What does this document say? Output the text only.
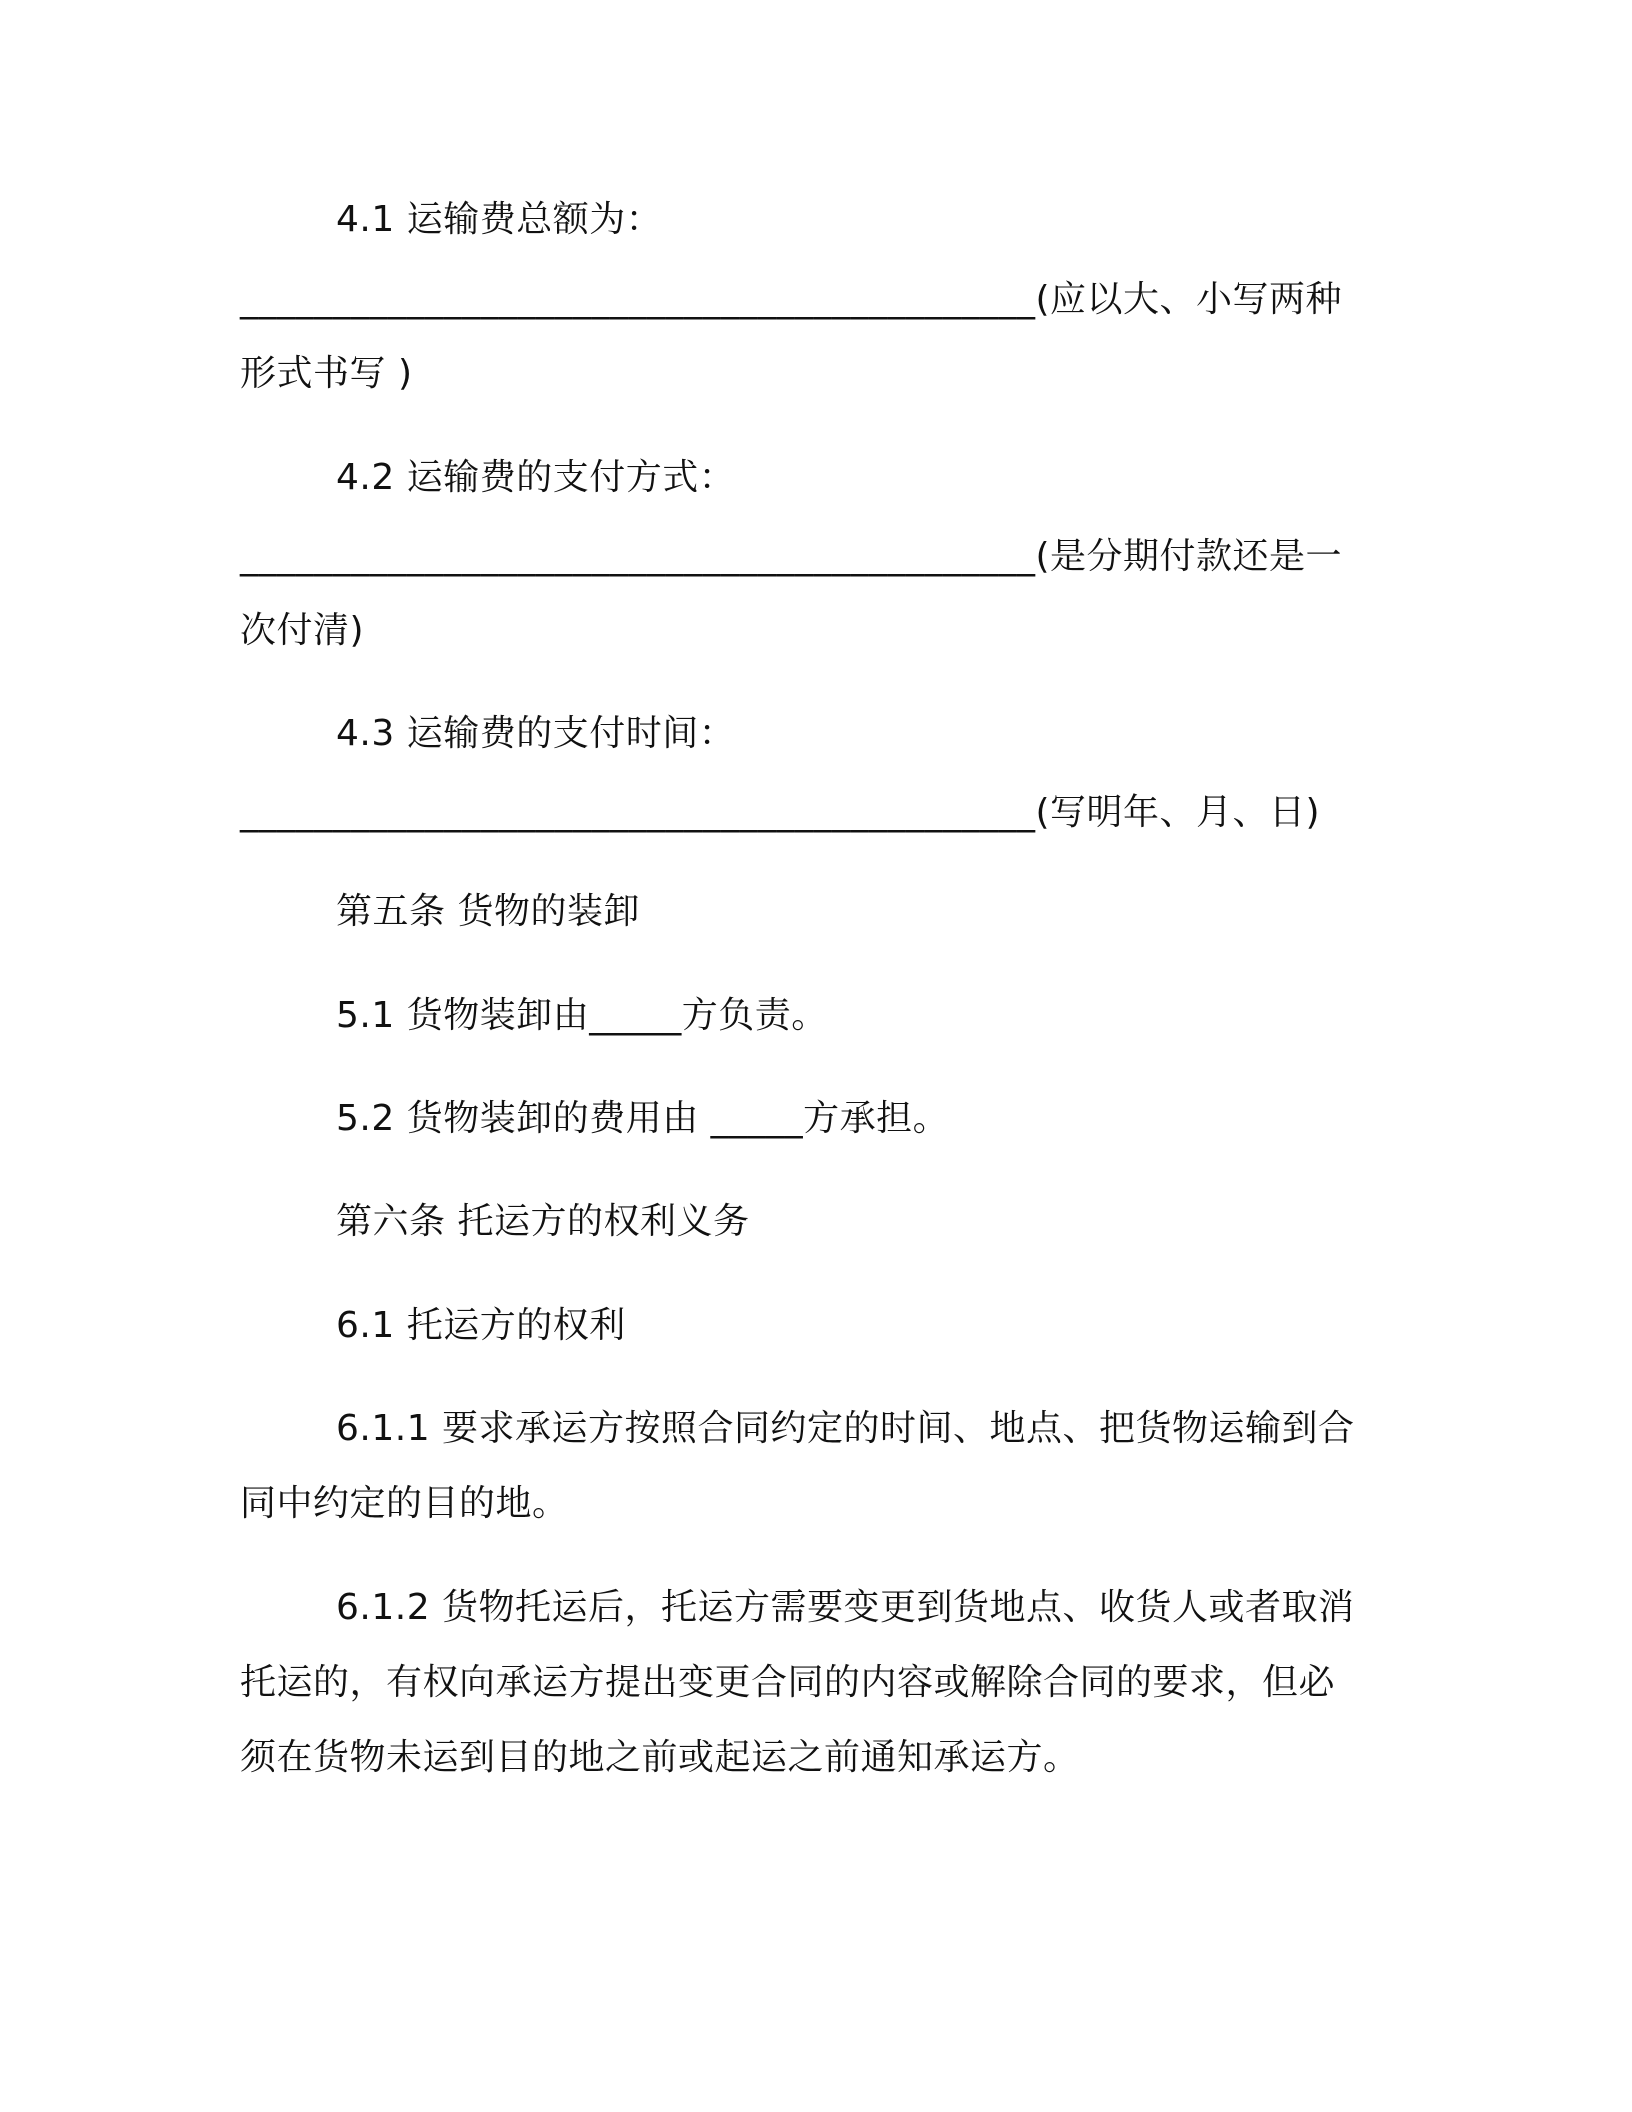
4.1 运输费总额为：
___________________________________________(应以大、小写两种
形式书写 )
4.2 运输费的支付方式：
___________________________________________(是分期付款还是一
次付清)
4.3 运输费的支付时间：
___________________________________________(写明年、月、日)
第五条 货物的装卸
5.1 货物装卸由_____方负责。
5.2 货物装卸的费用由 _____方承担。
第六条 托运方的权利义务
6.1 托运方的权利
6.1.1 要求承运方按照合同约定的时间、地点、把货物运输到合
同中约定的目的地。
6.1.2 货物托运后，托运方需要变更到货地点、收货人或者取消
托运的，有权向承运方提出变更合同的内容或解除合同的要求，但必
须在货物未运到目的地之前或起运之前通知承运方。
